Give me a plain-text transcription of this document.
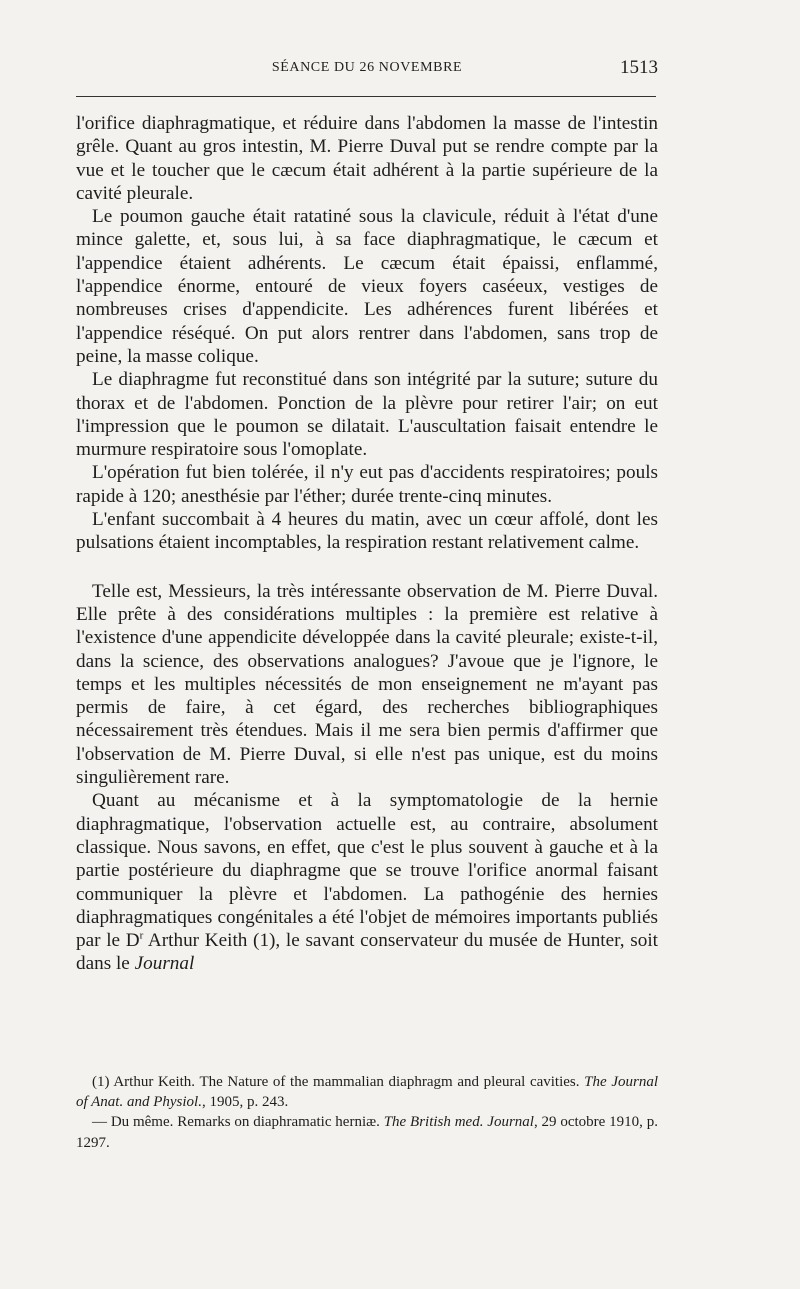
SÉANCE DU 26 NOVEMBRE	1513

l'orifice diaphragmatique, et réduire dans l'abdomen la masse de l'intestin grêle. Quant au gros intestin, M. Pierre Duval put se rendre compte par la vue et le toucher que le cæcum était adhérent à la partie supérieure de la cavité pleurale.

Le poumon gauche était ratatiné sous la clavicule, réduit à l'état d'une mince galette, et, sous lui, à sa face diaphragmatique, le cæcum et l'appendice étaient adhérents. Le cæcum était épaissi, enflammé, l'appendice énorme, entouré de vieux foyers caséeux, vestiges de nombreuses crises d'appendicite. Les adhérences furent libérées et l'appendice réséqué. On put alors rentrer dans l'abdomen, sans trop de peine, la masse colique.

Le diaphragme fut reconstitué dans son intégrité par la suture; suture du thorax et de l'abdomen. Ponction de la plèvre pour retirer l'air; on eut l'impression que le poumon se dilatait. L'auscultation faisait entendre le murmure respiratoire sous l'omoplate.

L'opération fut bien tolérée, il n'y eut pas d'accidents respiratoires; pouls rapide à 120; anesthésie par l'éther; durée trente-cinq minutes.

L'enfant succombait à 4 heures du matin, avec un cœur affolé, dont les pulsations étaient incomptables, la respiration restant relativement calme.

Telle est, Messieurs, la très intéressante observation de M. Pierre Duval. Elle prête à des considérations multiples : la première est relative à l'existence d'une appendicite développée dans la cavité pleurale; existe-t-il, dans la science, des observations analogues? J'avoue que je l'ignore, le temps et les multiples nécessités de mon enseignement ne m'ayant pas permis de faire, à cet égard, des recherches bibliographiques nécessairement très étendues. Mais il me sera bien permis d'affirmer que l'observation de M. Pierre Duval, si elle n'est pas unique, est du moins singulièrement rare.

Quant au mécanisme et à la symptomatologie de la hernie diaphragmatique, l'observation actuelle est, au contraire, absolument classique. Nous savons, en effet, que c'est le plus souvent à gauche et à la partie postérieure du diaphragme que se trouve l'orifice anormal faisant communiquer la plèvre et l'abdomen. La pathogénie des hernies diaphragmatiques congénitales a été l'objet de mémoires importants publiés par le $D^r$ Arthur Keith (1), le savant conservateur du musée de Hunter, soit dans le Journal

(1) Arthur Keith. The Nature of the mammalian diaphragm and pleural cavities. The Journal of Anat. and Physiol., 1905, p. 243.

— Du même. Remarks on diaphramatic herniæ. The British med. Journal, 29 octobre 1910, p. 1297.
